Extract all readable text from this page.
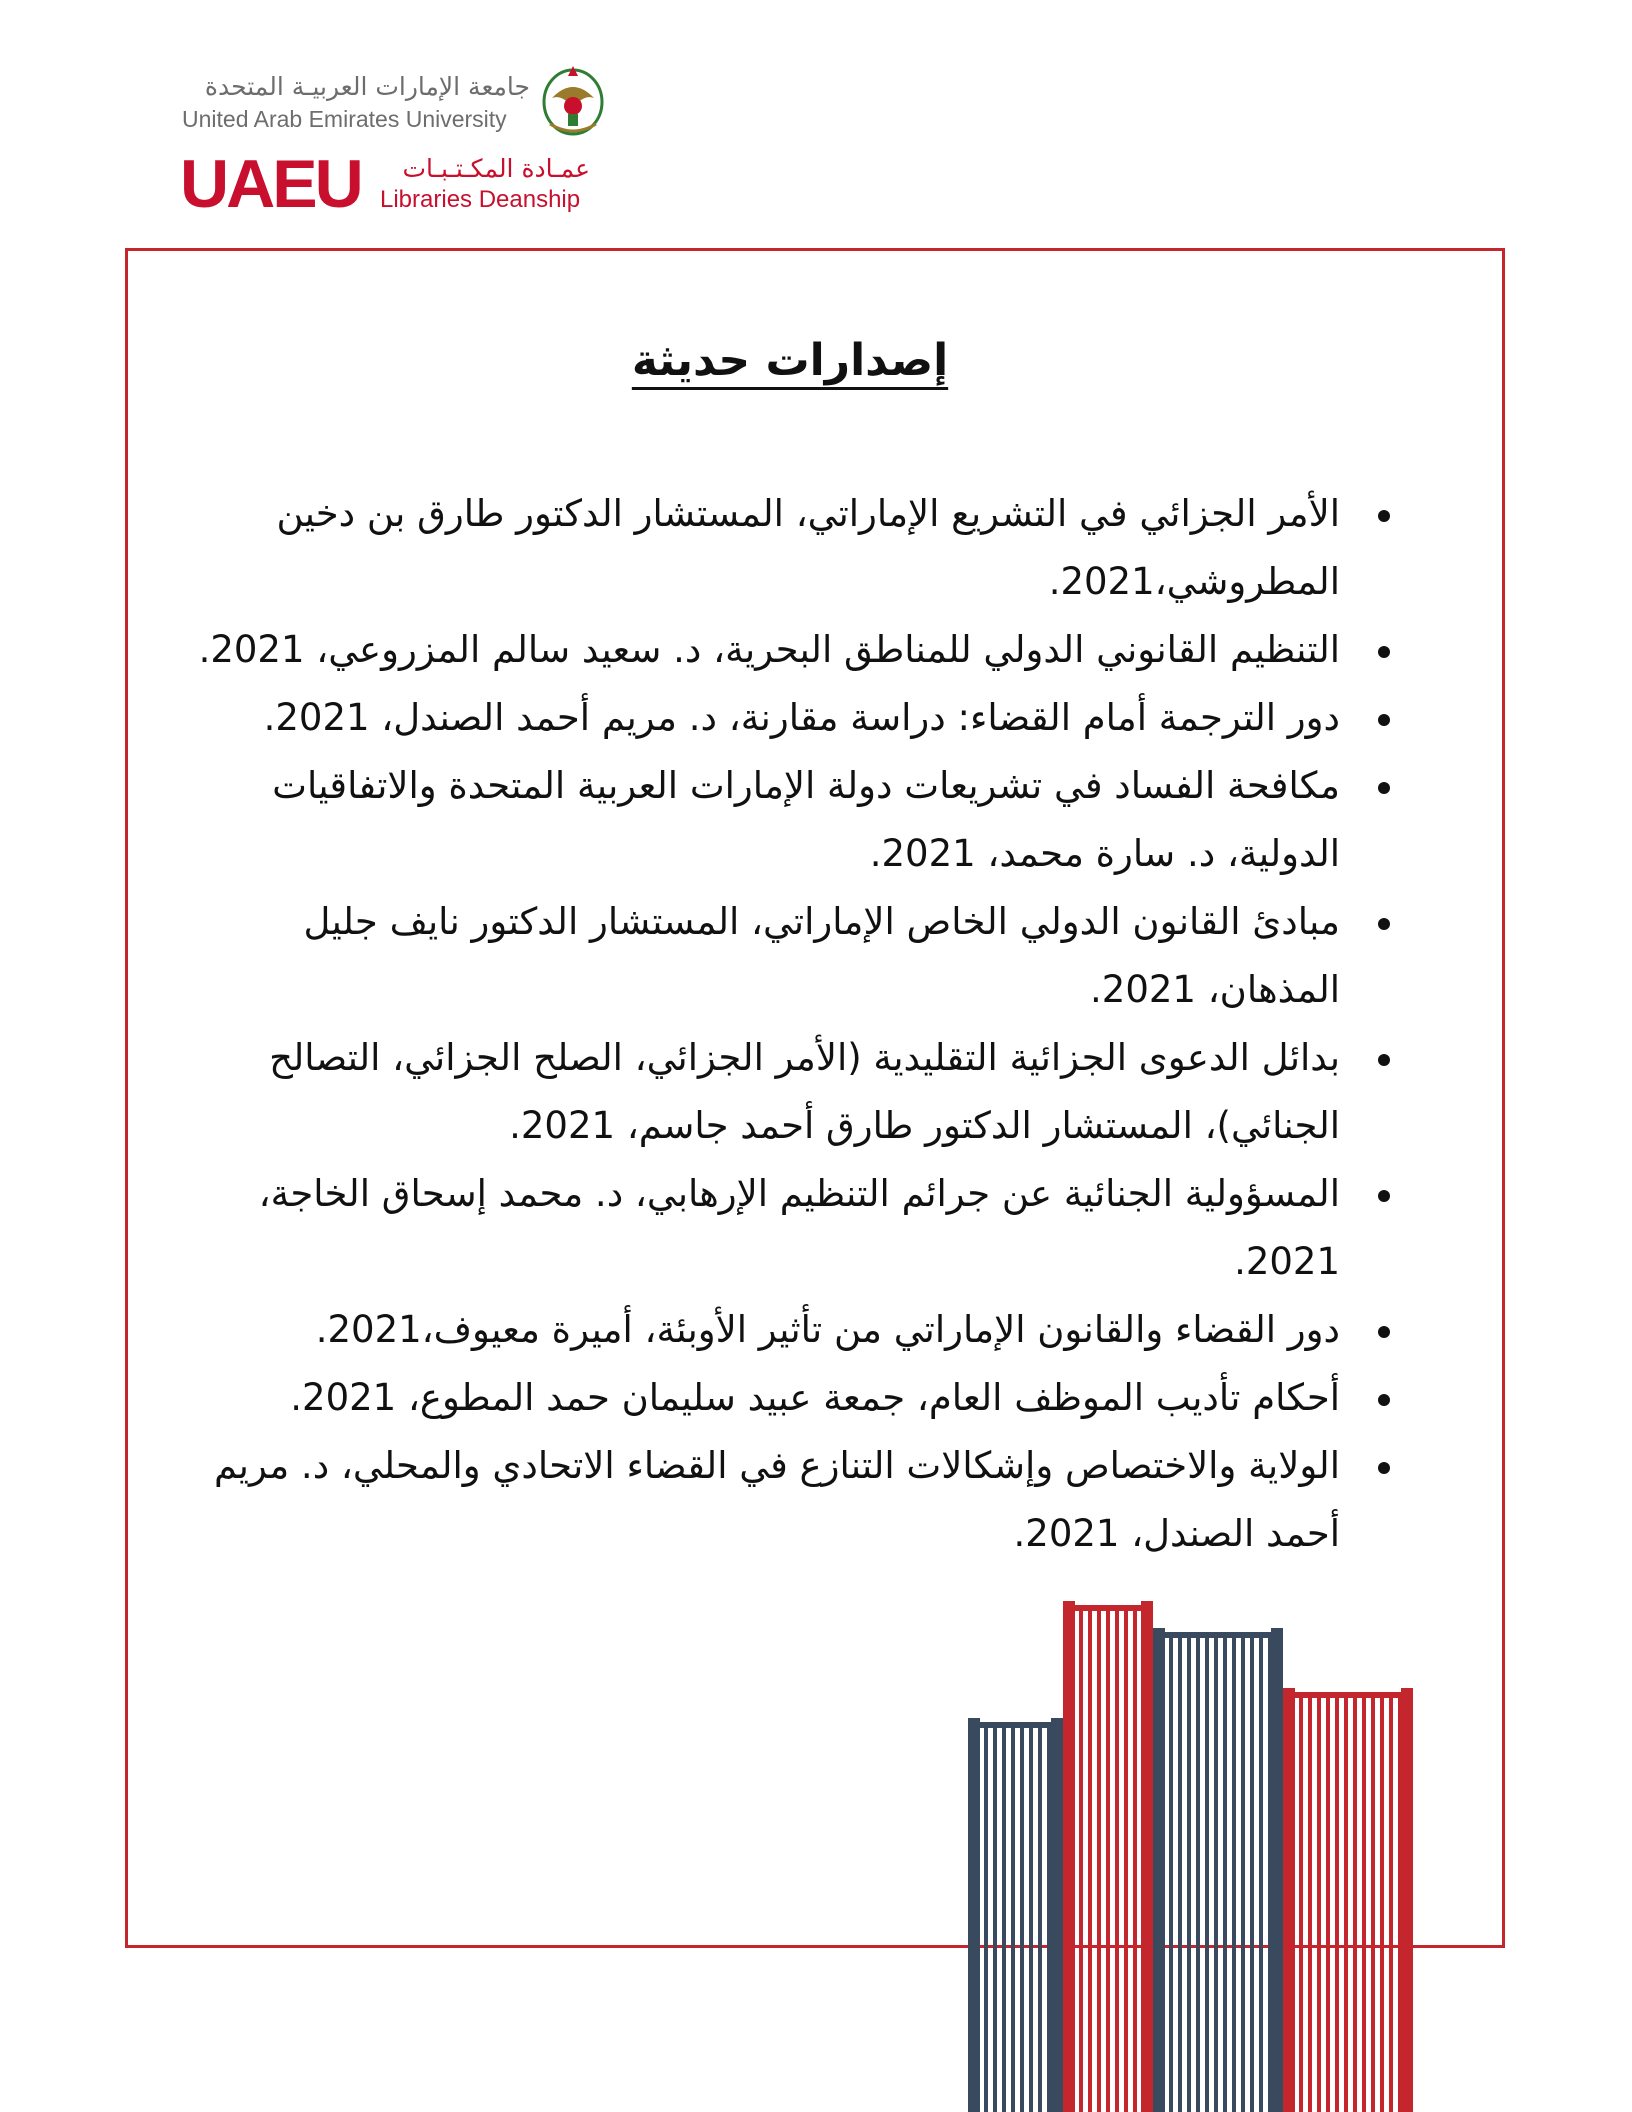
جامعة الإمارات العربيـة المتحدة
United Arab Emirates University
UAEU	عمـادة المكـتـبـات
Libraries Deanship
إصدارات حديثة
الأمر الجزائي في التشريع الإماراتي، المستشار الدكتور طارق بن دخين المطروشي،2021.
التنظيم القانوني الدولي للمناطق البحرية، د. سعيد سالم المزروعي، 2021.
دور الترجمة أمام القضاء: دراسة مقارنة، د. مريم أحمد الصندل، 2021.
مكافحة الفساد في تشريعات دولة الإمارات العربية المتحدة والاتفاقيات الدولية، د. سارة محمد، 2021.
مبادئ القانون الدولي الخاص الإماراتي، المستشار الدكتور نايف جليل المذهان، 2021.
بدائل الدعوى الجزائية التقليدية (الأمر الجزائي، الصلح الجزائي، التصالح الجنائي)، المستشار الدكتور طارق أحمد جاسم، 2021.
المسؤولية الجنائية عن جرائم التنظيم الإرهابي، د. محمد إسحاق الخاجة، 2021.
دور القضاء والقانون الإماراتي من تأثير الأوبئة، أميرة معيوف،2021.
أحكام تأديب الموظف العام، جمعة عبيد سليمان حمد المطوع، 2021.
الولاية والاختصاص وإشكالات التنازع في القضاء الاتحادي والمحلي، د. مريم أحمد الصندل، 2021.
